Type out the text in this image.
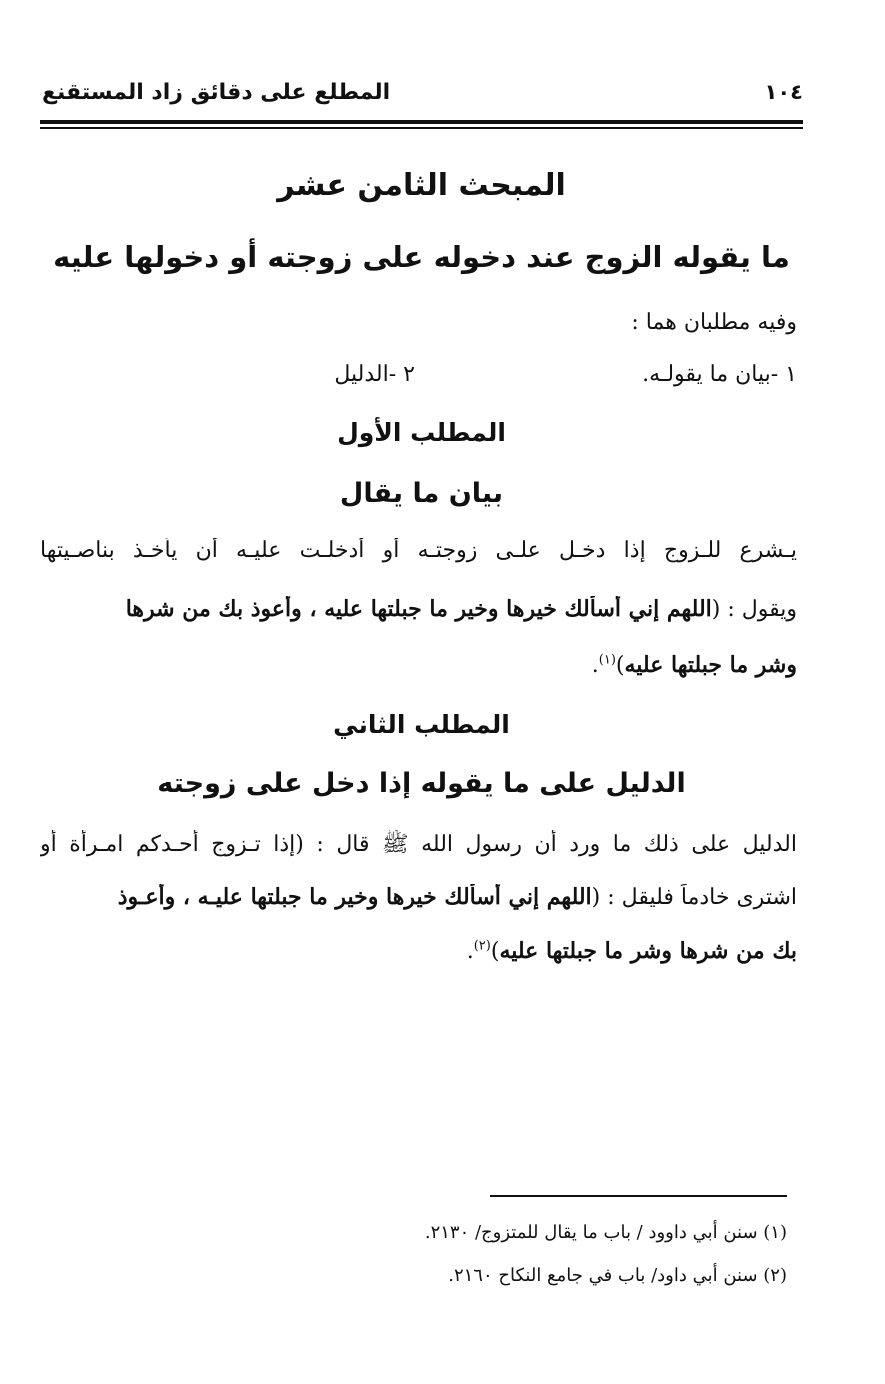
١٠٤
المطلع على دقائق زاد المستقنع
المبحث الثامن عشر
ما يقوله الزوج عند دخوله على زوجته أو دخولها عليه
وفيه مطلبان هما :
١ -بيان ما يقولـه.
٢ -الدليل
المطلب الأول
بيان ما يقال
يـشرع للـزوج إذا دخـل علـى زوجتـه أو أدخلـت عليـه أن يأخـذ بناصـيتها
ويقول : (اللهم إني أسألك خيرها وخير ما جبلتها عليه ، وأعوذ بك من شرها
وشر ما جبلتها عليه)$^{(١)}$.
المطلب الثاني
الدليل على ما يقوله إذا دخل على زوجته
الدليل على ذلك ما ورد أن رسول الله ﷺ قال : (إذا تـزوج أحـدكم امـرأة أو
اشترى خادماً فليقل : (اللهم إني أسألك خيرها وخير ما جبلتها عليـه ، وأعـوذ
بك من شرها وشر ما جبلتها عليه)$^{(٢)}$.
(١) سنن أبي داوود / باب ما يقال للمتزوج/ ٢١٣٠.
(٢) سنن أبي داود/ باب في جامع النكاح ٢١٦٠.
